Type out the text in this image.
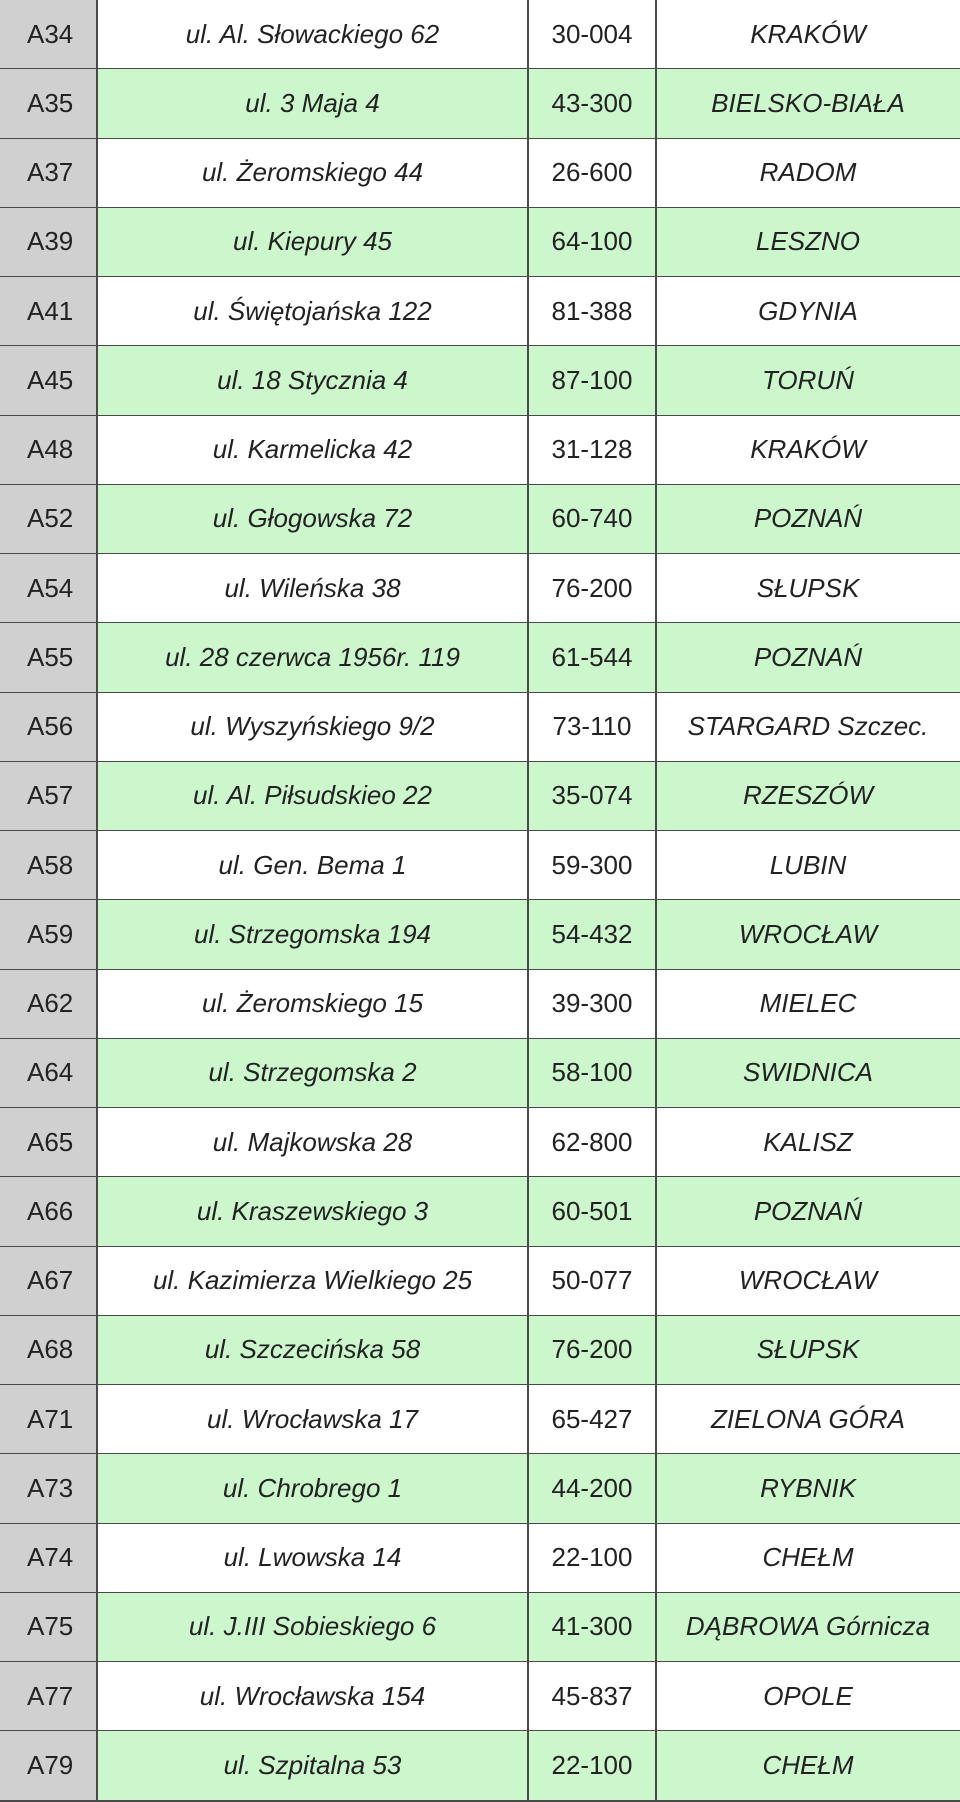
A34	ul. Al. Słowackiego 62	30-004	KRAKÓW
A35	ul. 3 Maja 4	43-300	BIELSKO-BIAŁA
A37	ul. Żeromskiego 44	26-600	RADOM
A39	ul. Kiepury 45	64-100	LESZNO
A41	ul. Świętojańska 122	81-388	GDYNIA
A45	ul. 18 Stycznia 4	87-100	TORUŃ
A48	ul. Karmelicka 42	31-128	KRAKÓW
A52	ul. Głogowska 72	60-740	POZNAŃ
A54	ul. Wileńska 38	76-200	SŁUPSK
A55	ul. 28 czerwca 1956r. 119	61-544	POZNAŃ
A56	ul. Wyszyńskiego 9/2	73-110	STARGARD Szczec.
A57	ul. Al. Piłsudskieo 22	35-074	RZESZÓW
A58	ul. Gen. Bema 1	59-300	LUBIN
A59	ul. Strzegomska 194	54-432	WROCŁAW
A62	ul. Żeromskiego 15	39-300	MIELEC
A64	ul. Strzegomska 2	58-100	SWIDNICA
A65	ul. Majkowska 28	62-800	KALISZ
A66	ul. Kraszewskiego 3	60-501	POZNAŃ
A67	ul. Kazimierza Wielkiego 25	50-077	WROCŁAW
A68	ul. Szczecińska 58	76-200	SŁUPSK
A71	ul. Wrocławska 17	65-427	ZIELONA GÓRA
A73	ul. Chrobrego 1	44-200	RYBNIK
A74	ul. Lwowska 14	22-100	CHEŁM
A75	ul. J.III Sobieskiego 6	41-300	DĄBROWA Górnicza
A77	ul. Wrocławska 154	45-837	OPOLE
A79	ul. Szpitalna 53	22-100	CHEŁM
